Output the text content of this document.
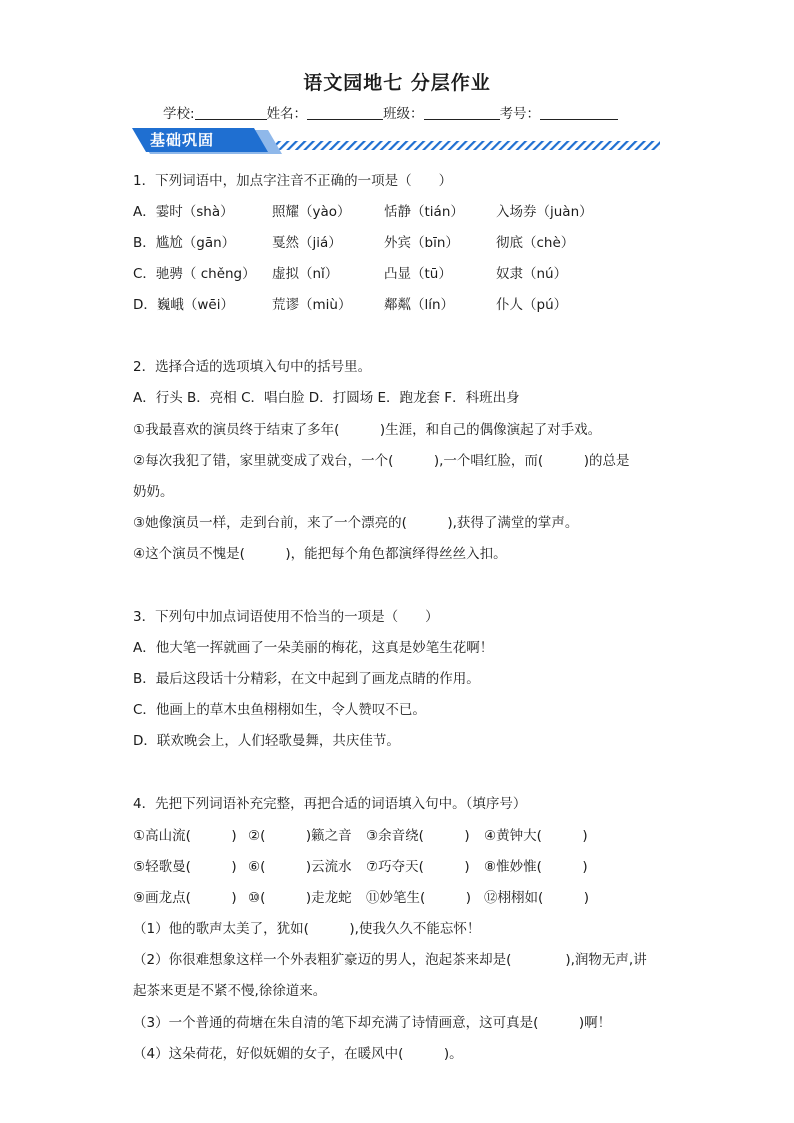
语文园地七 分层作业
学校:	姓名：	班级：	考号：
基础巩固
1．下列词语中，加点字注音不正确的一项是（　　）
A．霎时（shà）	照耀（yào） 恬静（tián） 入场券（juàn）
B．尴尬（gān）	戛然（jiá）	外宾（bīn）	彻底（chè）
C．驰骋（ chěng） 虚拟（nǐ）	凸显（tū）	奴隶（nú）
D．巍峨（wēi）	荒谬（miù） 鄰粼（lín）	仆人（pú）
2．选择合适的选项填入句中的括号里。
A．行头 B．亮相 C．唱白脸 D．打圆场 E．跑龙套 F．科班出身
①我最喜欢的演员终于结束了多年(　　　)生涯，和自己的偶像演起了对手戏。
②每次我犯了错，家里就变成了戏台，一个(　　　),一个唱红脸，而(　　　)的总是
奶奶。
③她像演员一样，走到台前，来了一个漂亮的(　　　),获得了满堂的掌声。
④这个演员不愧是(　　　)，能把每个角色都演绎得丝丝入扣。
3．下列句中加点词语使用不恰当的一项是（　　）
A．他大笔一挥就画了一朵美丽的梅花，这真是妙笔生花啊！
B．最后这段话十分精彩，在文中起到了画龙点睛的作用。
C．他画上的草木虫鱼栩栩如生，令人赞叹不已。
D．联欢晚会上，人们轻歌曼舞，共庆佳节。
4．先把下列词语补充完整，再把合适的词语填入句中。（填序号）
①高山流(　　　) ②(　　　)籁之音 ③余音绕(　　　) ④黄钟大(　　　)
⑤轻歌曼(　　　) ⑥(　　　)云流水 ⑦巧夺天(　　　) ⑧惟妙惟(　　　)
⑨画龙点(　　　) ⑩(　　　)走龙蛇 ⑪妙笔生(　　　) ⑫栩栩如(　　　)
（1）他的歌声太美了，犹如(　　　),使我久久不能忘怀！
（2）你很难想象这样一个外表粗犷豪迈的男人，泡起茶来却是(　　　　),润物无声,讲
起茶来更是不紧不慢,徐徐道来。
（3）一个普通的荷塘在朱自清的笔下却充满了诗情画意，这可真是(　　　)啊！
（4）这朵荷花，好似妩媚的女子，在暖风中(　　　)。
